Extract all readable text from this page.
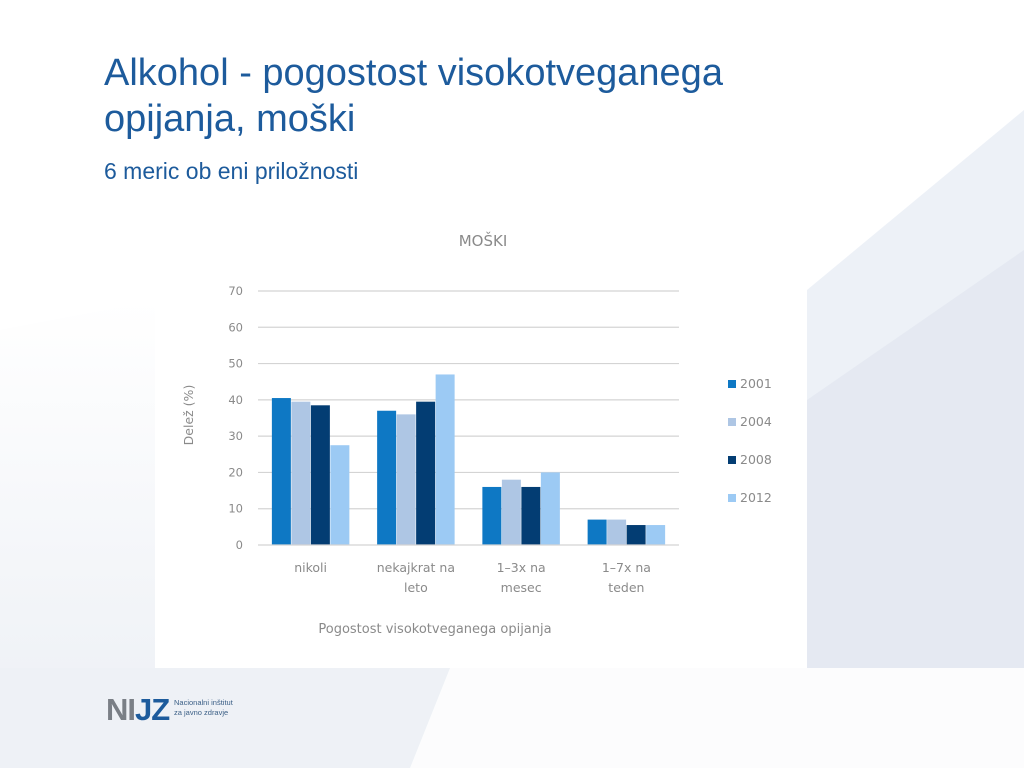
Alkohol - pogostost visokotveganega opijanja, moški
6 meric ob eni priložnosti
MOŠKI
0
10
20
30
40
50
60
70
nikoli	nekajkrat na
leto
1–3x na
mesec
1–7x na
teden
Pogostost visokotveganega opijanja
Delež (%)
2001
2004
2008
2012
NIJZ Nacionalni inštitut
za javno zdravje
